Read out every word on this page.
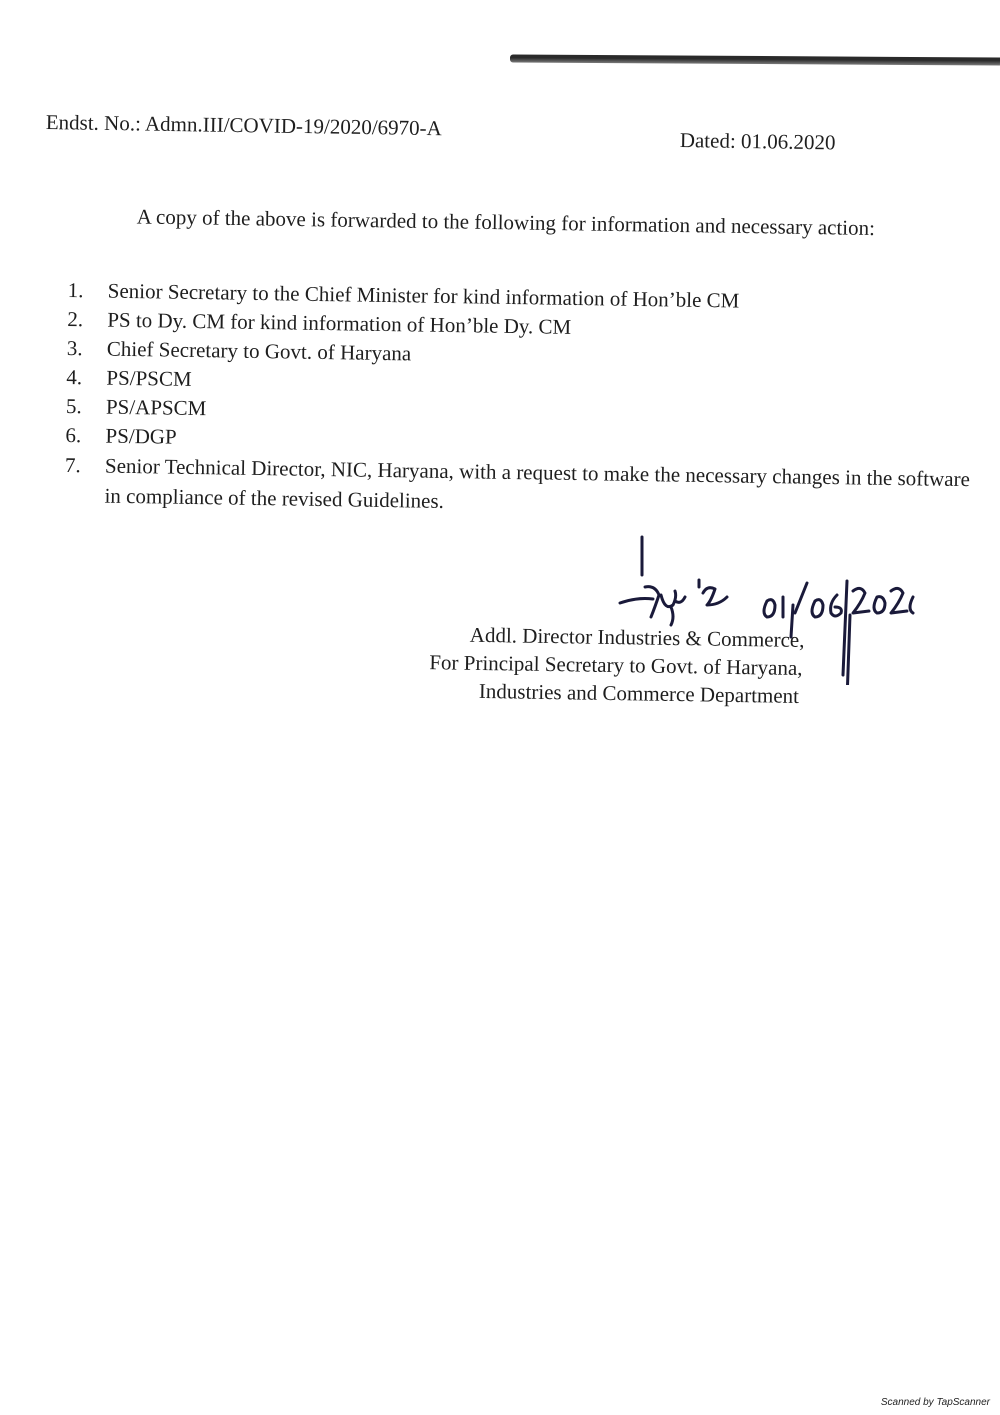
Endst. No.: Admn.III/COVID-19/2020/6970-A
Dated: 01.06.2020
A copy of the above is forwarded to the following for information and necessary action:
1. Senior Secretary to the Chief Minister for kind information of Hon’ble CM
2. PS to Dy. CM for kind information of Hon’ble Dy. CM
3. Chief Secretary to Govt. of Haryana
4. PS/PSCM
5. PS/APSCM
6. PS/DGP
7. Senior Technical Director, NIC, Haryana, with a request to make the necessary changes in the software in compliance of the revised Guidelines.
Addl. Director Industries & Commerce,
For Principal Secretary to Govt. of Haryana,
Industries and Commerce Department
Scanned by TapScanner
